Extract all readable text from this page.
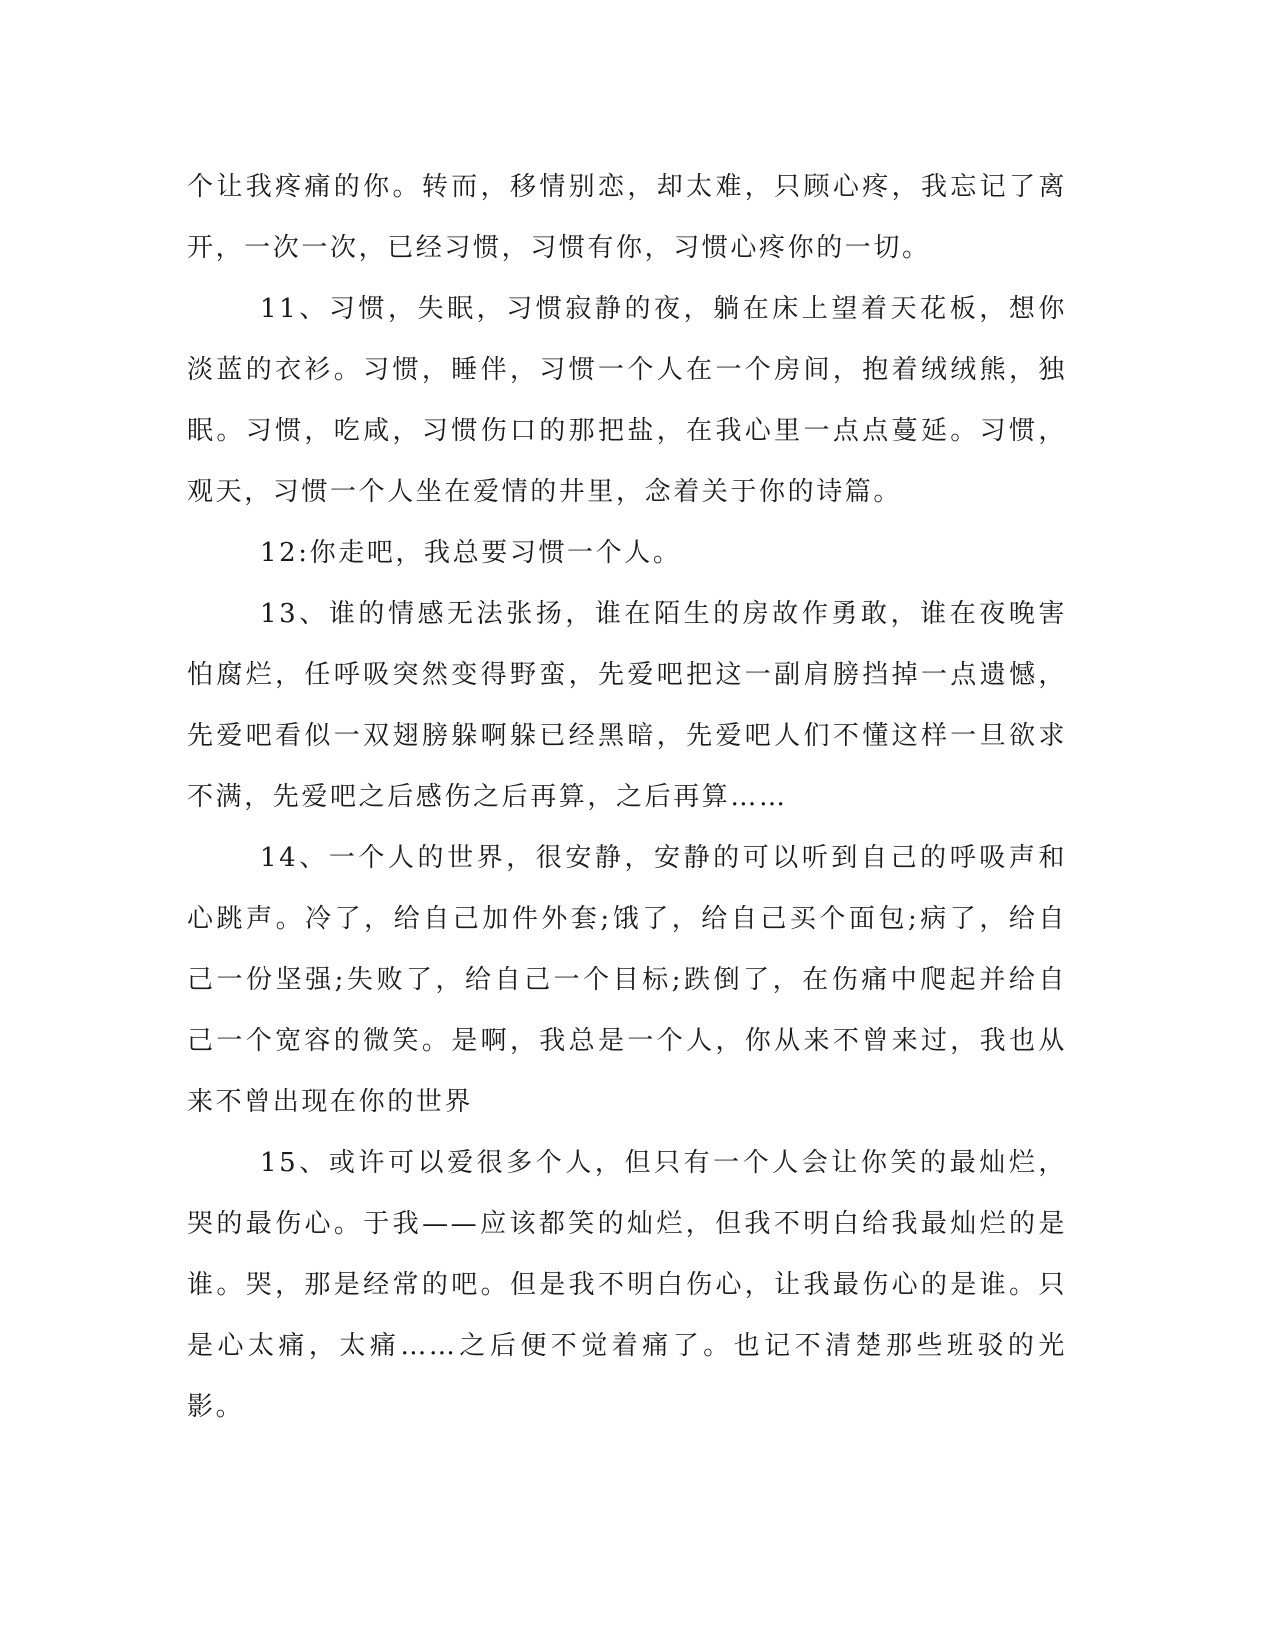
个让我疼痛的你。转而，移情别恋，却太难，只顾心疼，我忘记了离开，一次一次，已经习惯，习惯有你，习惯心疼你的一切。

11、习惯，失眠，习惯寂静的夜，躺在床上望着天花板，想你淡蓝的衣衫。习惯，睡伴，习惯一个人在一个房间，抱着绒绒熊，独眠。习惯，吃咸，习惯伤口的那把盐，在我心里一点点蔓延。习惯，观天，习惯一个人坐在爱情的井里，念着关于你的诗篇。

12:你走吧，我总要习惯一个人。

13、谁的情感无法张扬，谁在陌生的房故作勇敢，谁在夜晚害怕腐烂，任呼吸突然变得野蛮，先爱吧把这一副肩膀挡掉一点遗憾，先爱吧看似一双翅膀躲啊躲已经黑暗，先爱吧人们不懂这样一旦欲求不满，先爱吧之后感伤之后再算，之后再算……

14、一个人的世界，很安静，安静的可以听到自己的呼吸声和心跳声。冷了，给自己加件外套;饿了，给自己买个面包;病了，给自己一份坚强;失败了，给自己一个目标;跌倒了，在伤痛中爬起并给自己一个宽容的微笑。是啊，我总是一个人，你从来不曾来过，我也从来不曾出现在你的世界

15、或许可以爱很多个人，但只有一个人会让你笑的最灿烂，哭的最伤心。于我——应该都笑的灿烂，但我不明白给我最灿烂的是谁。哭，那是经常的吧。但是我不明白伤心，让我最伤心的是谁。只是心太痛，太痛……之后便不觉着痛了。也记不清楚那些班驳的光影。
